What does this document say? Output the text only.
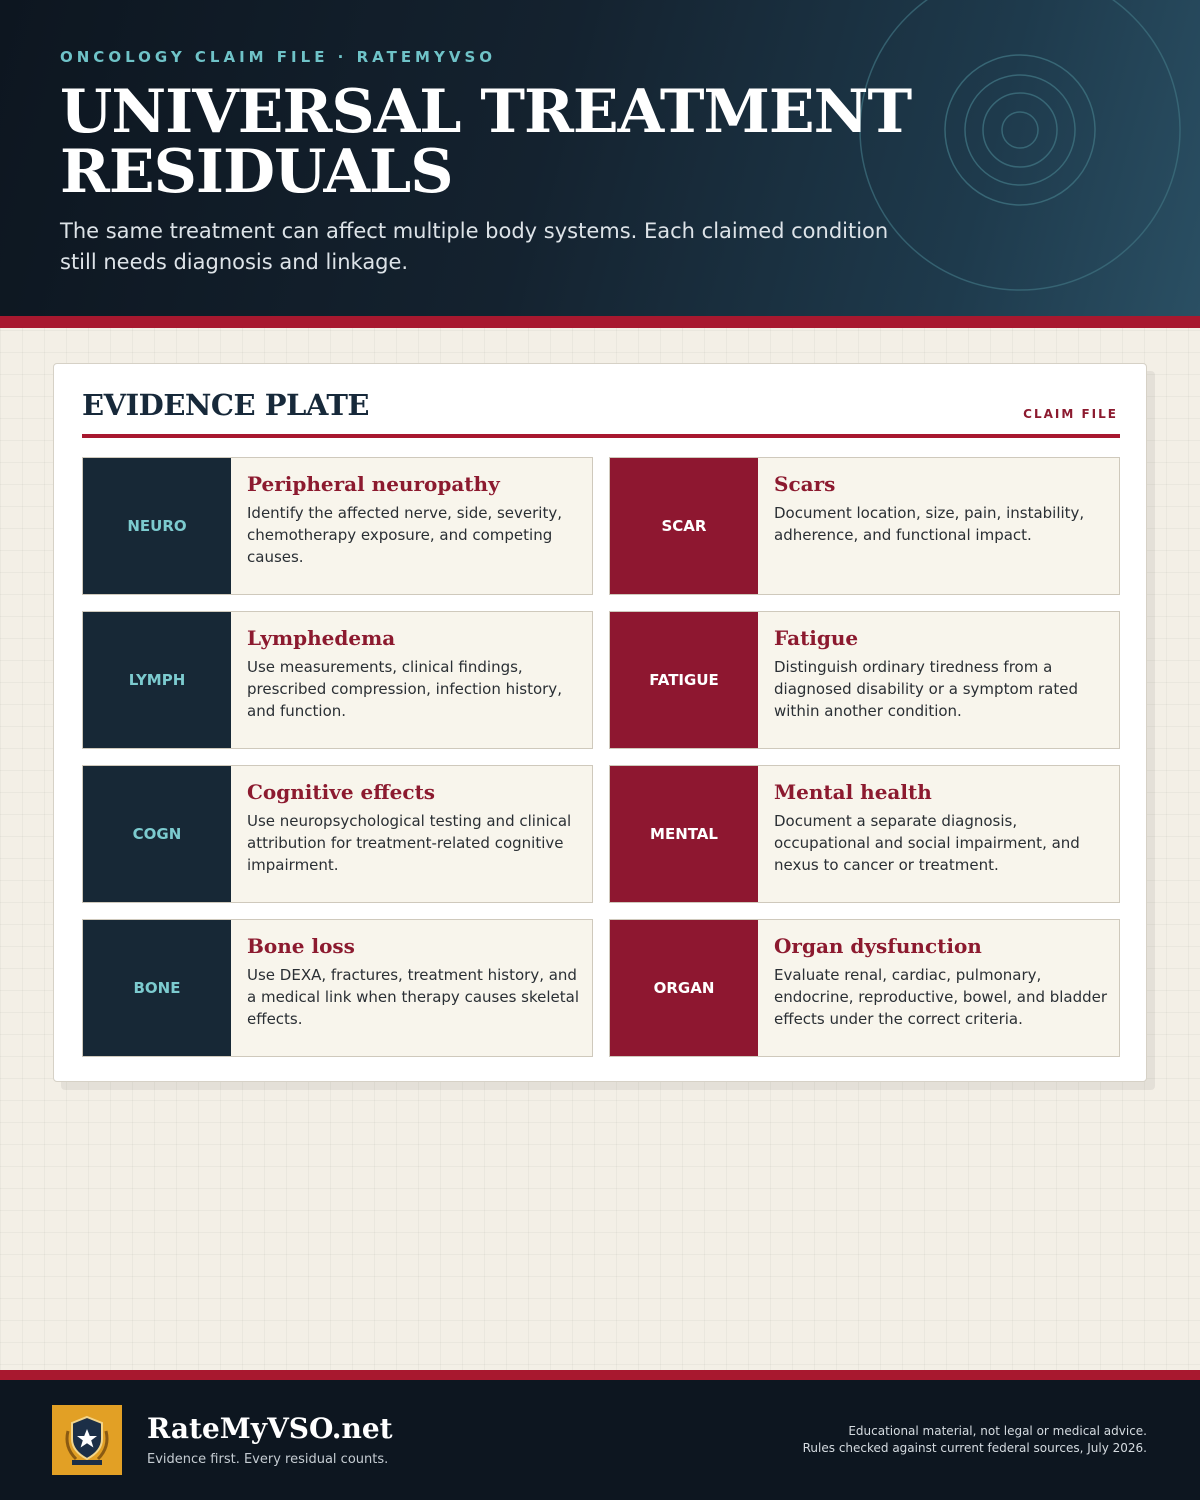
ONCOLOGY CLAIM FILE · RATEMYVSO
UNIVERSAL TREATMENT
RESIDUALS
The same treatment can affect multiple body systems. Each claimed condition still needs diagnosis and linkage.
EVIDENCE PLATE	CLAIM FILE
NEURO
Peripheral neuropathy
Identify the affected nerve, side, severity, chemotherapy exposure, and competing causes.
SCAR
Scars
Document location, size, pain, instability, adherence, and functional impact.
LYMPH
Lymphedema
Use measurements, clinical findings, prescribed compression, infection history, and function.
FATIGUE
Fatigue
Distinguish ordinary tiredness from a diagnosed disability or a symptom rated within another condition.
COGN
Cognitive effects
Use neuropsychological testing and clinical attribution for treatment-related cognitive impairment.
MENTAL
Mental health
Document a separate diagnosis, occupational and social impairment, and nexus to cancer or treatment.
BONE
Bone loss
Use DEXA, fractures, treatment history, and a medical link when therapy causes skeletal effects.
ORGAN
Organ dysfunction
Evaluate renal, cardiac, pulmonary, endocrine, reproductive, bowel, and bladder effects under the correct criteria.
RateMyVSO.net
Evidence first. Every residual counts.
Educational material, not legal or medical advice.
Rules checked against current federal sources, July 2026.
